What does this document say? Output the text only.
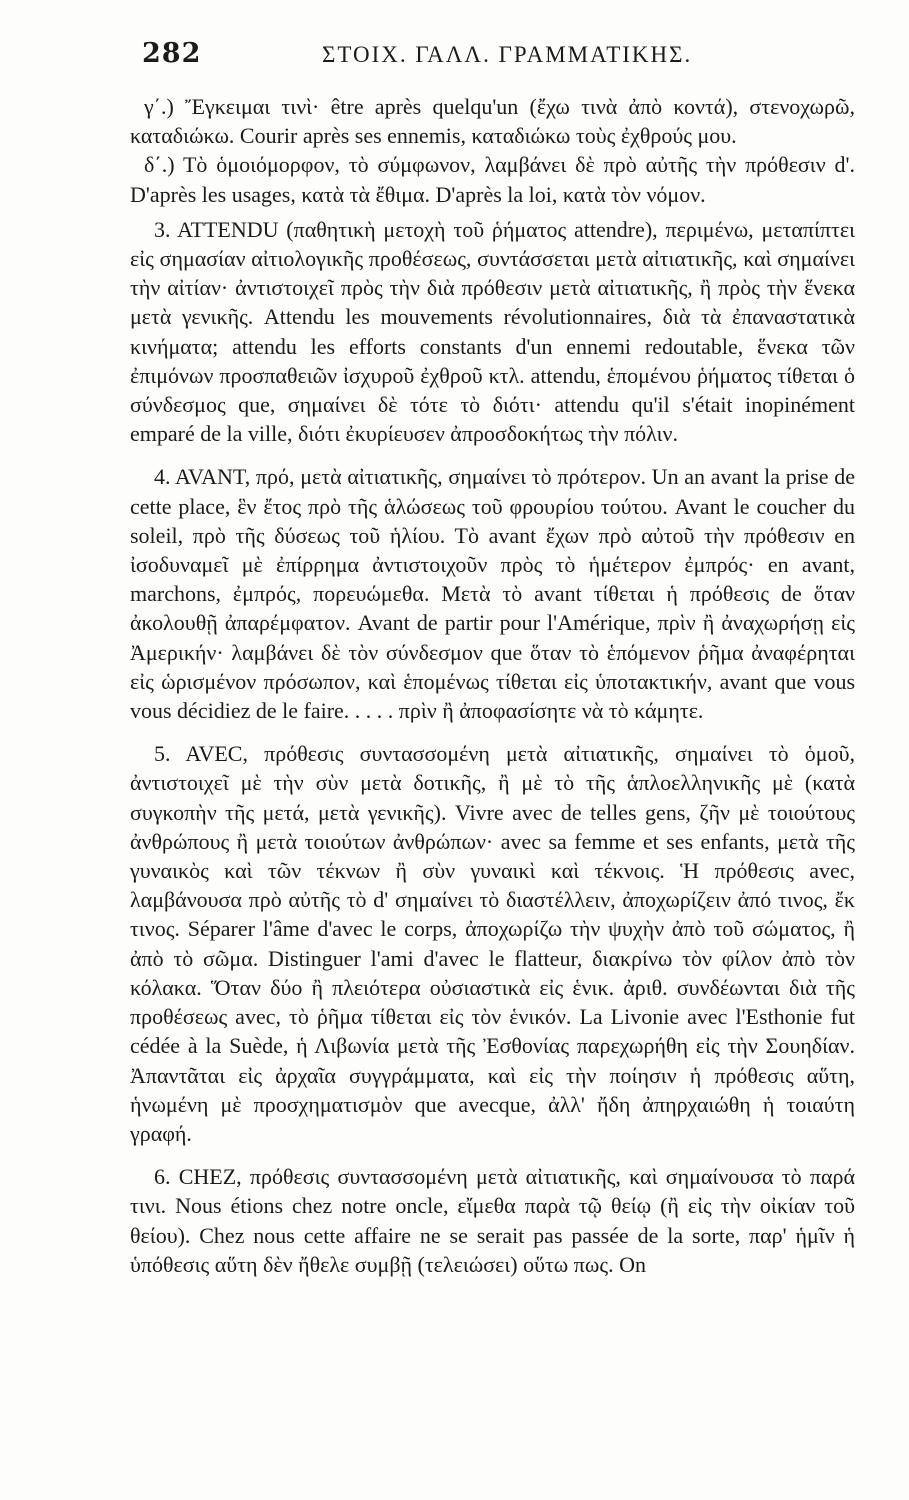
282	ΣΤΟΙΧ. ΓΑΛΛ. ΓΡΑΜΜΑΤΙΚΗΣ.

γ΄.) Ἔγκειμαι τινὶ· être après quelqu'un (ἔχω τινὰ ἀπὸ κοντά), στενοχωρῶ, καταδιώκω. Courir après ses ennemis, καταδιώκω τοὺς ἐχθρούς μου.

δ΄.) Τὸ ὁμοιόμορφον, τὸ σύμφωνον, λαμβάνει δὲ πρὸ αὐτῆς τὴν πρόθεσιν d'. D'après les usages, κατὰ τὰ ἔθιμα. D'après la loi, κατὰ τὸν νόμον.

3. ATTENDU (παθητικὴ μετοχὴ τοῦ ῥήματος attendre), περιμένω, μεταπίπτει εἰς σημασίαν αἰτιολογικῆς προθέσεως, συντάσσεται μετὰ αἰτιατικῆς, καὶ σημαίνει τὴν αἰτίαν· ἀντιστοιχεῖ πρὸς τὴν διὰ πρόθεσιν μετὰ αἰτιατικῆς, ἢ πρὸς τὴν ἕνεκα μετὰ γενικῆς. Attendu les mouvements révolutionnaires, διὰ τὰ ἐπαναστατικὰ κινήματα; attendu les efforts constants d'un ennemi redoutable, ἕνεκα τῶν ἐπιμόνων προσπαθειῶν ἰσχυροῦ ἐχθροῦ κτλ. attendu, ἑπομένου ῥήματος τίθεται ὁ σύνδεσμος que, σημαίνει δὲ τότε τὸ διότι· attendu qu'il s'était inopinément emparé de la ville, διότι ἐκυρίευσεν ἀπροσδοκήτως τὴν πόλιν.

4. AVANT, πρό, μετὰ αἰτιατικῆς, σημαίνει τὸ πρότερον. Un an avant la prise de cette place, ἓν ἔτος πρὸ τῆς ἁλώσεως τοῦ φρουρίου τούτου. Avant le coucher du soleil, πρὸ τῆς δύσεως τοῦ ἡλίου. Τὸ avant ἔχων πρὸ αὐτοῦ τὴν πρόθεσιν en ἰσοδυναμεῖ μὲ ἐπίρρημα ἀντιστοιχοῦν πρὸς τὸ ἡμέτερον ἐμπρός· en avant, marchons, ἐμπρός, πορευώμεθα. Μετὰ τὸ avant τίθεται ἡ πρόθεσις de ὅταν ἀκολουθῇ ἀπαρέμφατον. Avant de partir pour l'Amérique, πρὶν ἢ ἀναχωρήσῃ εἰς Ἀμερικήν· λαμβάνει δὲ τὸν σύνδεσμον que ὅταν τὸ ἑπόμενον ῥῆμα ἀναφέρηται εἰς ὡρισμένον πρόσωπον, καὶ ἑπομένως τίθεται εἰς ὑποτακτικήν, avant que vous vous décidiez de le faire. . . . . πρὶν ἢ ἀποφασίσητε νὰ τὸ κάμητε.

5. AVEC, πρόθεσις συντασσομένη μετὰ αἰτιατικῆς, σημαίνει τὸ ὁμοῦ, ἀντιστοιχεῖ μὲ τὴν σὺν μετὰ δοτικῆς, ἢ μὲ τὸ τῆς ἁπλοελληνικῆς μὲ (κατὰ συγκοπὴν τῆς μετά, μετὰ γενικῆς). Vivre avec de telles gens, ζῆν μὲ τοιούτους ἀνθρώπους ἢ μετὰ τοιούτων ἀνθρώπων· avec sa femme et ses enfants, μετὰ τῆς γυναικὸς καὶ τῶν τέκνων ἢ σὺν γυναικὶ καὶ τέκνοις. Ἡ πρόθεσις avec, λαμβάνουσα πρὸ αὐτῆς τὸ d' σημαίνει τὸ διαστέλλειν, ἀποχωρίζειν ἀπό τινος, ἔκ τινος. Séparer l'âme d'avec le corps, ἀποχωρίζω τὴν ψυχὴν ἀπὸ τοῦ σώματος, ἢ ἀπὸ τὸ σῶμα. Distinguer l'ami d'avec le flatteur, διακρίνω τὸν φίλον ἀπὸ τὸν κόλακα. Ὅταν δύο ἢ πλειότερα οὐσιαστικὰ εἰς ἑνικ. ἀριθ. συνδέωνται διὰ τῆς προθέσεως avec, τὸ ῥῆμα τίθεται εἰς τὸν ἑνικόν. La Livonie avec l'Esthonie fut cédée à la Suède, ἡ Λιβωνία μετὰ τῆς Ἐσθονίας παρεχωρήθη εἰς τὴν Σουηδίαν. Ἀπαντᾶται εἰς ἀρχαῖα συγγράμματα, καὶ εἰς τὴν ποίησιν ἡ πρόθεσις αὕτη, ἡνωμένη μὲ προσχηματισμὸν que avecque, ἀλλ' ἤδη ἀπηρχαιώθη ἡ τοιαύτη γραφή.

6. CHEZ, πρόθεσις συντασσομένη μετὰ αἰτιατικῆς, καὶ σημαίνουσα τὸ παρά τινι. Nous étions chez notre oncle, εἴμεθα παρὰ τῷ θείῳ (ἢ εἰς τὴν οἰκίαν τοῦ θείου). Chez nous cette affaire ne se serait pas passée de la sorte, παρ' ἡμῖν ἡ ὑπόθεσις αὕτη δὲν ἤθελε συμβῇ (τελειώσει) οὕτω πως. On
